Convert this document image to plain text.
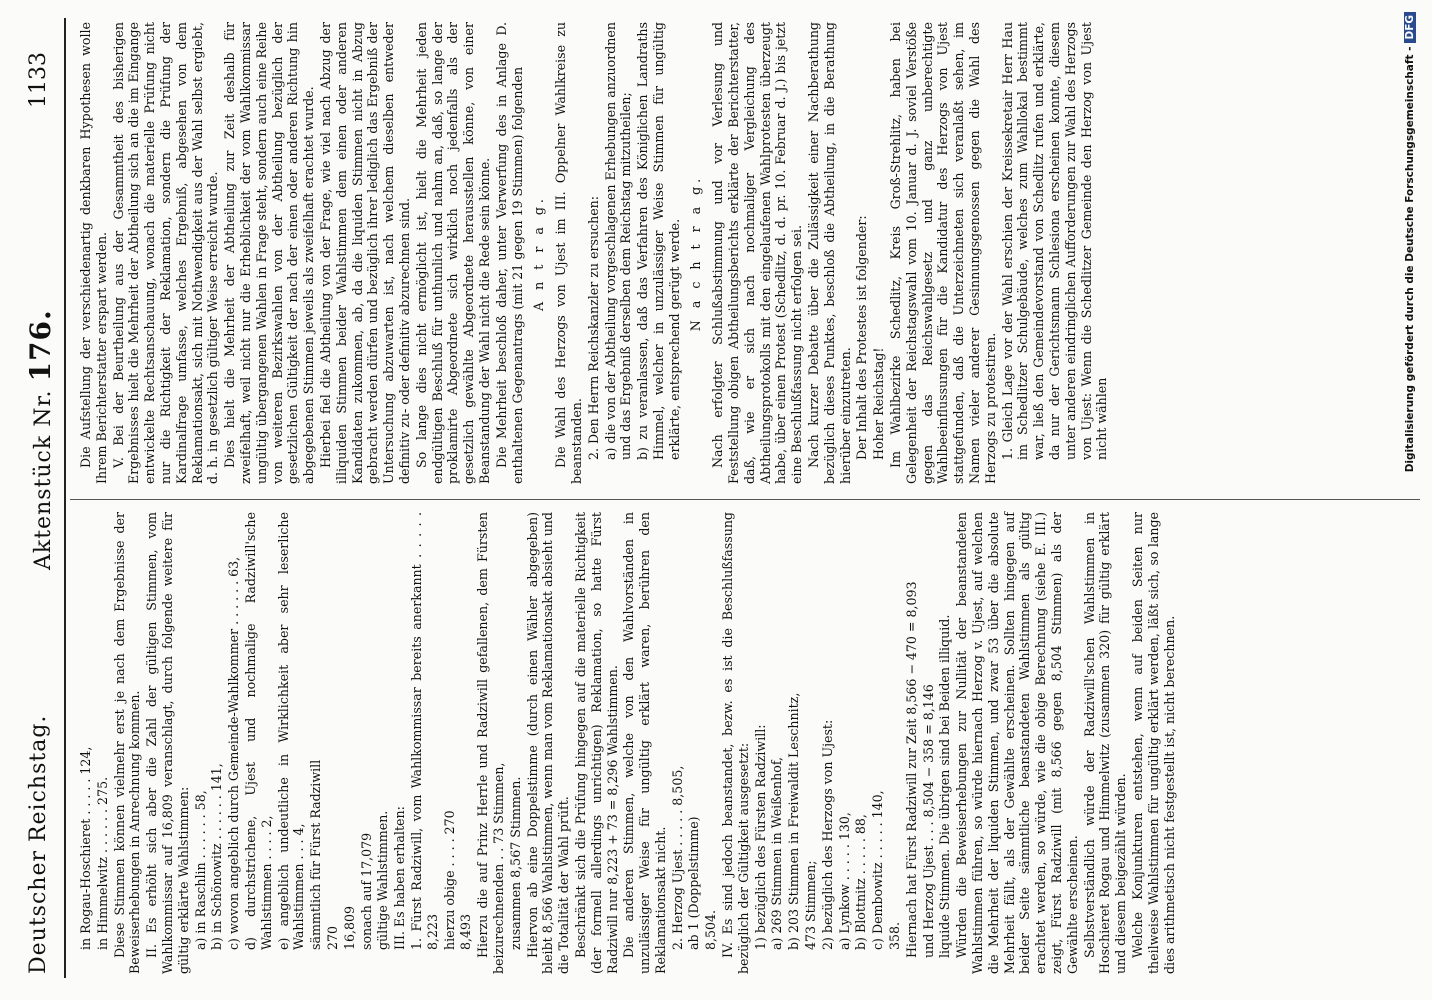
Deutscher Reichstag.
Aktenstück Nr. 176.
1133

in Rogau-Hoschieret . . . . . 124, in Himmelwitz . . . . . . 275. Diese Stimmen können vielmehr erst je nach dem Ergebnisse der Beweiserhebungen in Anrechnung kommen. II. Es erhöht sich aber die Zahl der gültigen Stimmen, vom Wahlkommissar auf 16,809 veranschlagt, durch folgende weitere für gültig erklärte Wahlstimmen: a) in Raschlin . . . . . . 58, b) in Schönowitz . . . . . . 141, c) wovon angeblich durch Gemeinde-Wahlkommer . . . . . . 63, d) durchstrichene, Ujest und nochmalige Radziwill'sche Wahlstimmen . . . . 2, e) angeblich undeutliche in Wirklichkeit aber sehr leserliche Wahlstimmen . . . 4, sämmtlich für Fürst Radziwill 270 16,809 sonach auf 17,079 gültige Wahlstimmen. III. Es haben erhalten: 1. Fürst Radziwill, vom Wahlkommissar bereits anerkannt . . . . . 8,223 hierzu obige . . . . 270 8,493 Hierzu die auf Prinz Herrle und Radziwill gefallenen, dem Fürsten beizurechnenden . . 73 Stimmen, zusammen 8,567 Stimmen. Hiervon ab eine Doppelstimme (durch einen Wähler abgegeben) bleibt 8,566 Wahlstimmen, wenn man vom Reklamationsakt absieht und die Totalität der Wahl prüft. Beschränkt sich die Prüfung hingegen auf die materielle Richtigkeit (der formell allerdings unrichtigen) Reklamation, so hatte Fürst Radziwill nur 8,223 + 73 = 8,296 Wahlstimmen. Die anderen Stimmen, welche von den Wahlvorständen in unzulässiger Weise für ungültig erklärt waren, berühren den Reklamationsakt nicht. 2. Herzog Ujest . . . . . 8,505, ab 1 (Doppelstimme) 8,504. IV. Es sind jedoch beanstandet, bezw. es ist die Beschlußfassung bezüglich der Gültigkeit ausgesetzt: 1) bezüglich des Fürsten Radziwill: a) 269 Stimmen in Weißenhof, b) 203 Stimmen in Freiwaldit Leschnitz, 473 Stimmen; 2) bezüglich des Herzogs von Ujest: a) Lynkow . . . . . 130, b) Blottnitz . . . . . 88, c) Dembowitz . . . . . 140, 358. Hiernach hat Fürst Radziwill zur Zeit 8,566 − 470 = 8,093 und Herzog Ujest . . . 8,504 − 358 = 8,146 liquide Stimmen. Die übrigen sind bei Beiden illiquid. Würden die Beweiserhebungen zur Nullität der beanstandeten Wahlstimmen führen, so würde hiernach Herzog v. Ujest, auf welchen die Mehrheit der liquiden Stimmen, und zwar 53 über die absolute Mehrheit fällt, als der Gewählte erscheinen. Sollten hingegen auf beider Seite sämmtliche beanstandeten Wahlstimmen als gültig erachtet werden, so würde, wie die obige Berechnung (siehe E. III.) zeigt, Fürst Radziwill (mit 8,566 gegen 8,504 Stimmen) als der Gewählte erscheinen. Selbstverständlich würde der Radziwill'schen Wahlstimmen in Hoschieret Rogau und Himmelwitz (zusammen 320) für gültig erklärt und diesem beigezählt würden. Welche Konjunkturen entstehen, wenn auf beiden Seiten nur theilweise Wahlstimmen für ungültig erklärt werden, läßt sich, so lange dies arithmetisch nicht festgestellt ist, nicht berechnen.

Die Aufstellung der verschiedenartig denkbaren Hypothesen wolle Ihrem Berichterstatter erspart werden. V. Bei der Beurtheilung aus der Gesammtheit des bisherigen Ergebnisses hielt die Mehrheit der Abtheilung sich an die im Eingange entwickelte Rechtsanschauung, wonach die materielle Prüfung nicht nur die Richtigkeit der Reklamation, sondern die Prüfung der Kardinalfrage umfasse, welches Ergebniß, abgesehen von dem Reklamationsakt, sich mit Nothwendigkeit aus der Wahl selbst ergiebt, d. h. in gesetzlich gültiger Weise erreicht wurde. Dies hielt die Mehrheit der Abtheilung zur Zeit deshalb für zweifelhaft, weil nicht nur die Erheblichkeit der vom Wahlkommissar ungültig übergangenen Wahlen in Frage steht, sondern auch eine Reihe von weiteren Bezirkswahlen von der Abtheilung bezüglich der gesetzlichen Gültigkeit der nach der einen oder anderen Richtung hin abgegebenen Stimmen jeweils als zweifelhaft erachtet wurde. Hierbei fiel die Abtheilung von der Frage, wie viel nach Abzug der illiquiden Stimmen beider Wahlstimmen dem einen oder anderen Kandidaten zukommen, ab, da die liquiden Stimmen nicht in Abzug gebracht werden dürfen und bezüglich ihrer lediglich das Ergebniß der Untersuchung abzuwarten ist, nach welchem dieselben entweder definitiv zu- oder definitiv abzurechnen sind. So lange dies nicht ermöglicht ist, hielt die Mehrheit jeden endgültigen Beschluß für unthunlich und nahm an, daß, so lange der proklamirte Abgeordnete sich wirklich noch jedenfalls als der gesetzlich gewählte Abgeordnete herausstellen könne, von einer Beanstandung der Wahl nicht die Rede sein könne. Die Mehrheit beschloß daher, unter Verwerfung des in Anlage D. enthaltenen Gegenantrags (mit 21 gegen 19 Stimmen) folgenden A n t r a g. Die Wahl des Herzogs von Ujest im III. Oppelner Wahlkreise zu beanstanden. 2. Den Herrn Reichskanzler zu ersuchen: a) die von der Abtheilung vorgeschlagenen Erhebungen anzuordnen und das Ergebniß derselben dem Reichstag mitzutheilen; b) zu veranlassen, daß das Verfahren des Königlichen Landraths Himmel, welcher in unzulässiger Weise Stimmen für ungültig erklärte, entsprechend gerügt werde. N a c h t r a g. Nach erfolgter Schlußabstimmung und vor Verlesung und Feststellung obigen Abtheilungsberichts erklärte der Berichterstatter, daß, wie er sich nach nochmaliger Vergleichung des Abtheilungsprotokolls mit den eingelaufenen Wahlprotesten überzeugt habe, über einen Protest (Schedlitz, d. d. pr. 10. Februar d. J.) bis jetzt eine Beschlußfassung nicht erfolgen sei. Nach kurzer Debatte über die Zulässigkeit einer Nachberathung bezüglich dieses Punktes, beschloß die Abtheilung, in die Berathung hierüber einzutreten. Der Inhalt des Protestes ist folgender: Hoher Reichstag! Im Wahlbezirke Schedlitz, Kreis Groß-Strehlitz, haben bei Gelegenheit der Reichstagswahl vom 10. Januar d. J. soviel Verstöße gegen das Reichswahlgesetz und ganz unberechtigte Wahlbeeinflussungen für die Kandidatur des Herzogs von Ujest stattgefunden, daß die Unterzeichneten sich veranlaßt sehen, im Namen vieler anderer Gesinnungsgenossen gegen die Wahl des Herzogs zu protestiren. 1. Gleich Lage vor der Wahl erschien der Kreissekretair Herr Hau im Schedlitzer Schulgebäude, welches zum Wahllokal bestimmt war, ließ den Gemeindevorstand von Schedlitz rufen und erklärte, da nur der Gerichtsmann Schlesiona erscheinen konnte, diesem unter anderen eindringlichen Aufforderungen zur Wahl des Herzogs von Ujest: Wenn die Schedlitzer Gemeinde den Herzog von Ujest nicht wählen	Digitalisierung gefördert durch die Deutsche Forschungsgemeinschaft -DFG
